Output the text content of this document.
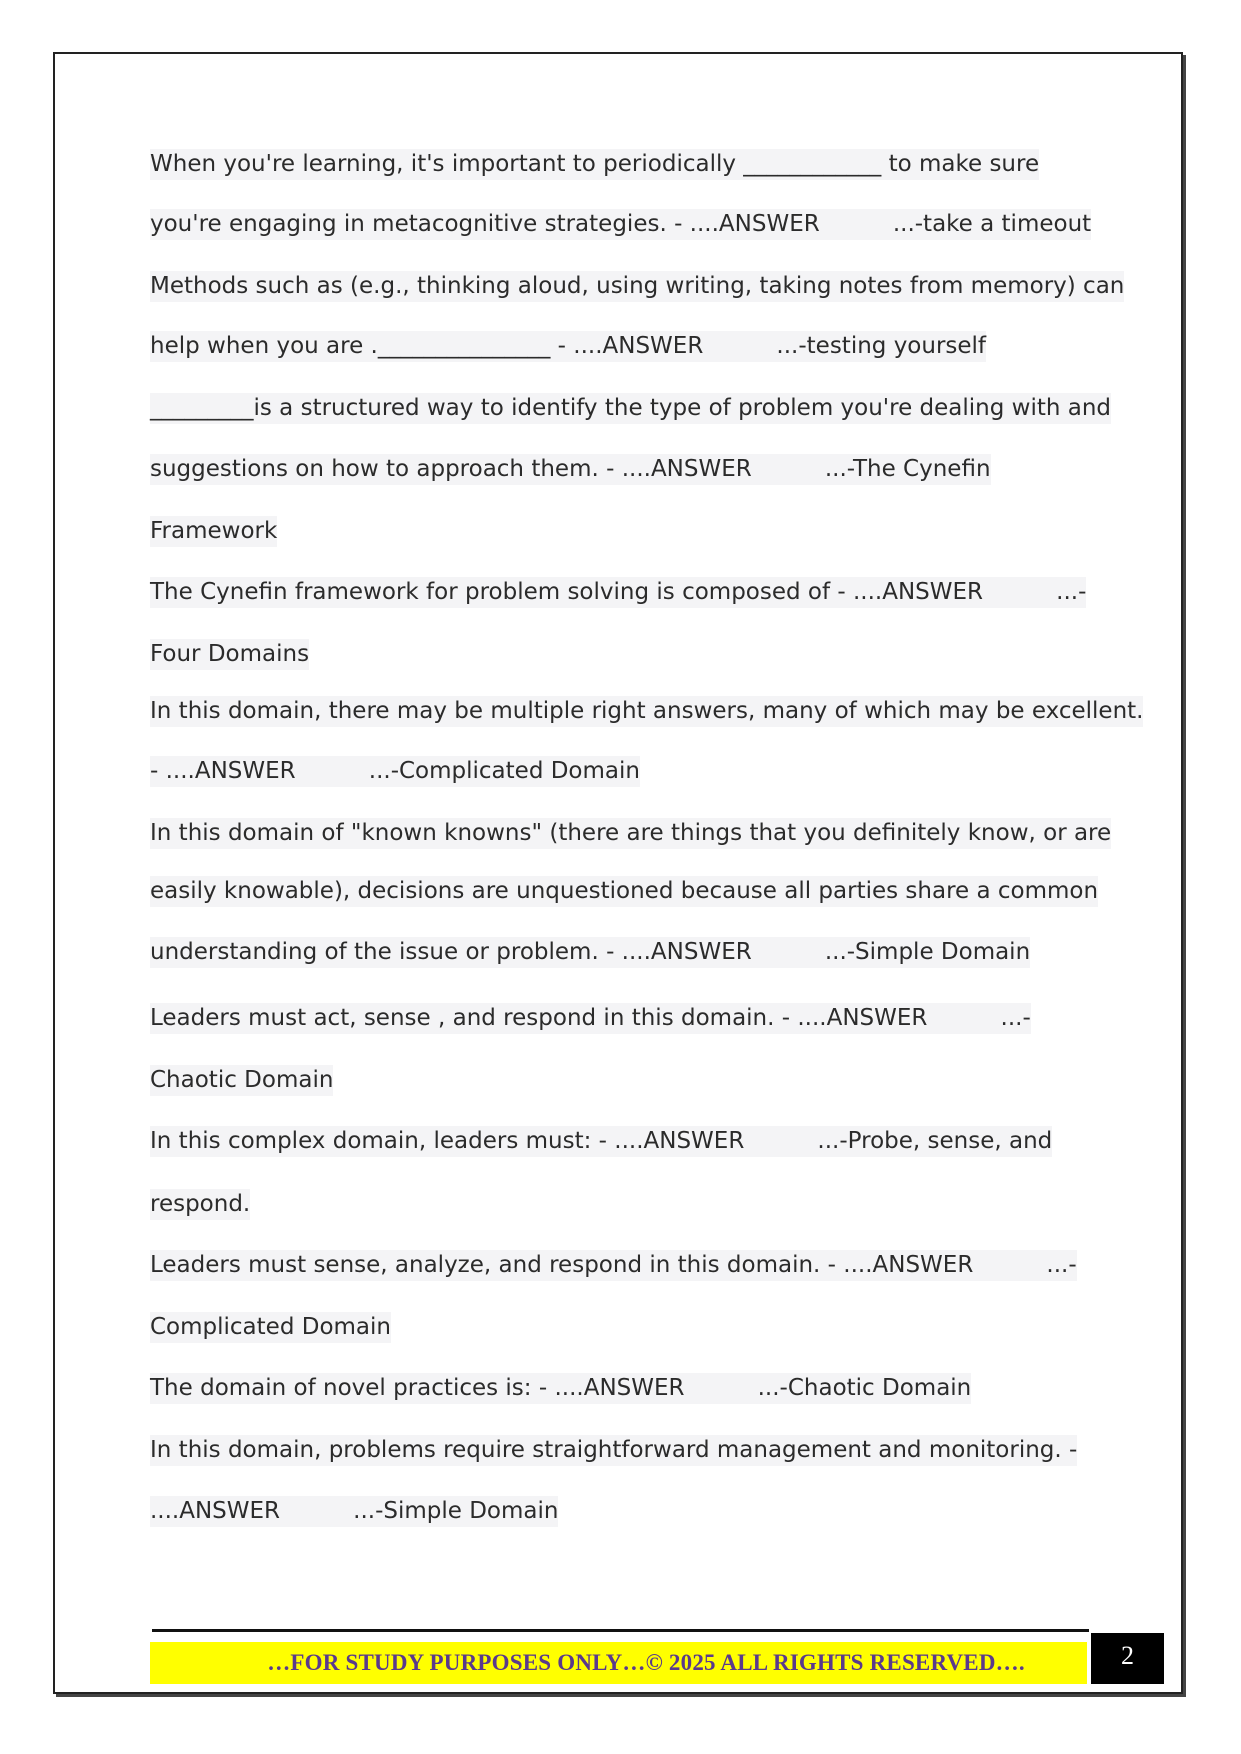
When you're learning, it's important to periodically ____________ to make sure
you're engaging in metacognitive strategies. - ....ANSWER          ...-take a timeout
Methods such as (e.g., thinking aloud, using writing, taking notes from memory) can
help when you are ._______________ - ....ANSWER          ...-testing yourself
_________is a structured way to identify the type of problem you're dealing with and
suggestions on how to approach them. - ....ANSWER          ...-The Cynefin
Framework
The Cynefin framework for problem solving is composed of - ....ANSWER          ...-
Four Domains
In this domain, there may be multiple right answers, many of which may be excellent.
- ....ANSWER          ...-Complicated Domain
In this domain of "known knowns" (there are things that you definitely know, or are
easily knowable), decisions are unquestioned because all parties share a common
understanding of the issue or problem. - ....ANSWER          ...-Simple Domain
Leaders must act, sense , and respond in this domain. - ....ANSWER          ...-
Chaotic Domain
In this complex domain, leaders must: - ....ANSWER          ...-Probe, sense, and
respond.
Leaders must sense, analyze, and respond in this domain. - ....ANSWER          ...-
Complicated Domain
The domain of novel practices is: - ....ANSWER          ...-Chaotic Domain
In this domain, problems require straightforward management and monitoring. -
....ANSWER          ...-Simple Domain
…FOR STUDY PURPOSES ONLY…© 2025 ALL RIGHTS RESERVED….	2
